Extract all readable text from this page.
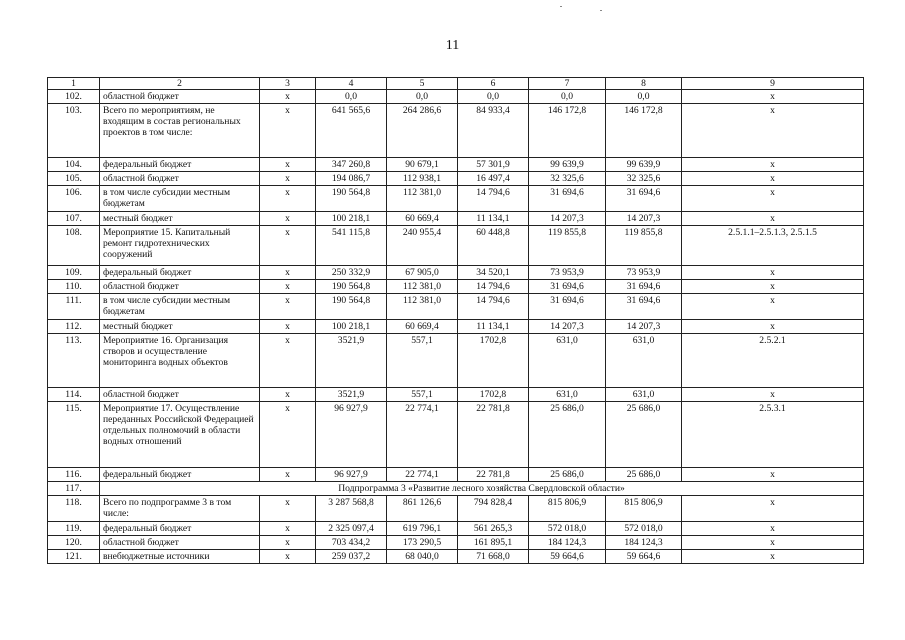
11
1	2	3	4	5	6	7	8	9
102.	областной бюджет	x	0,0	0,0	0,0	0,0	0,0	x
103.	Всего по мероприятиям, не входящим в состав региональных проектов в том числе:	x	641 565,6	264 286,6	84 933,4	146 172,8	146 172,8	x
104.	федеральный бюджет	x	347 260,8	90 679,1	57 301,9	99 639,9	99 639,9	x
105.	областной бюджет	x	194 086,7	112 938,1	16 497,4	32 325,6	32 325,6	x
106.	в том числе субсидии местным бюджетам	x	190 564,8	112 381,0	14 794,6	31 694,6	31 694,6	x
107.	местный бюджет	x	100 218,1	60 669,4	11 134,1	14 207,3	14 207,3	x
108.	Мероприятие 15. Капитальный ремонт гидротехнических сооружений	x	541 115,8	240 955,4	60 448,8	119 855,8	119 855,8	2.5.1.1–2.5.1.3, 2.5.1.5
109.	федеральный бюджет	x	250 332,9	67 905,0	34 520,1	73 953,9	73 953,9	x
110.	областной бюджет	x	190 564,8	112 381,0	14 794,6	31 694,6	31 694,6	x
111.	в том числе субсидии местным бюджетам	x	190 564,8	112 381,0	14 794,6	31 694,6	31 694,6	x
112.	местный бюджет	x	100 218,1	60 669,4	11 134,1	14 207,3	14 207,3	x
113.	Мероприятие 16. Организация створов и осуществление мониторинга водных объектов	x	3521,9	557,1	1702,8	631,0	631,0	2.5.2.1
114.	областной бюджет	x	3521,9	557,1	1702,8	631,0	631,0	x
115.	Мероприятие 17. Осуществление переданных Российской Федерацией отдельных полномочий в области водных отношений	x	96 927,9	22 774,1	22 781,8	25 686,0	25 686,0	2.5.3.1
116.	федеральный бюджет	x	96 927,9	22 774,1	22 781,8	25 686,0	25 686,0	x
117.	Подпрограмма 3 «Развитие лесного хозяйства Свердловской области»							
118.	Всего по подпрограмме 3 в том числе:	x	3 287 568,8	861 126,6	794 828,4	815 806,9	815 806,9	x
119.	федеральный бюджет	x	2 325 097,4	619 796,1	561 265,3	572 018,0	572 018,0	x
120.	областной бюджет	x	703 434,2	173 290,5	161 895,1	184 124,3	184 124,3	x
121.	внебюджетные источники	x	259 037,2	68 040,0	71 668,0	59 664,6	59 664,6	x
